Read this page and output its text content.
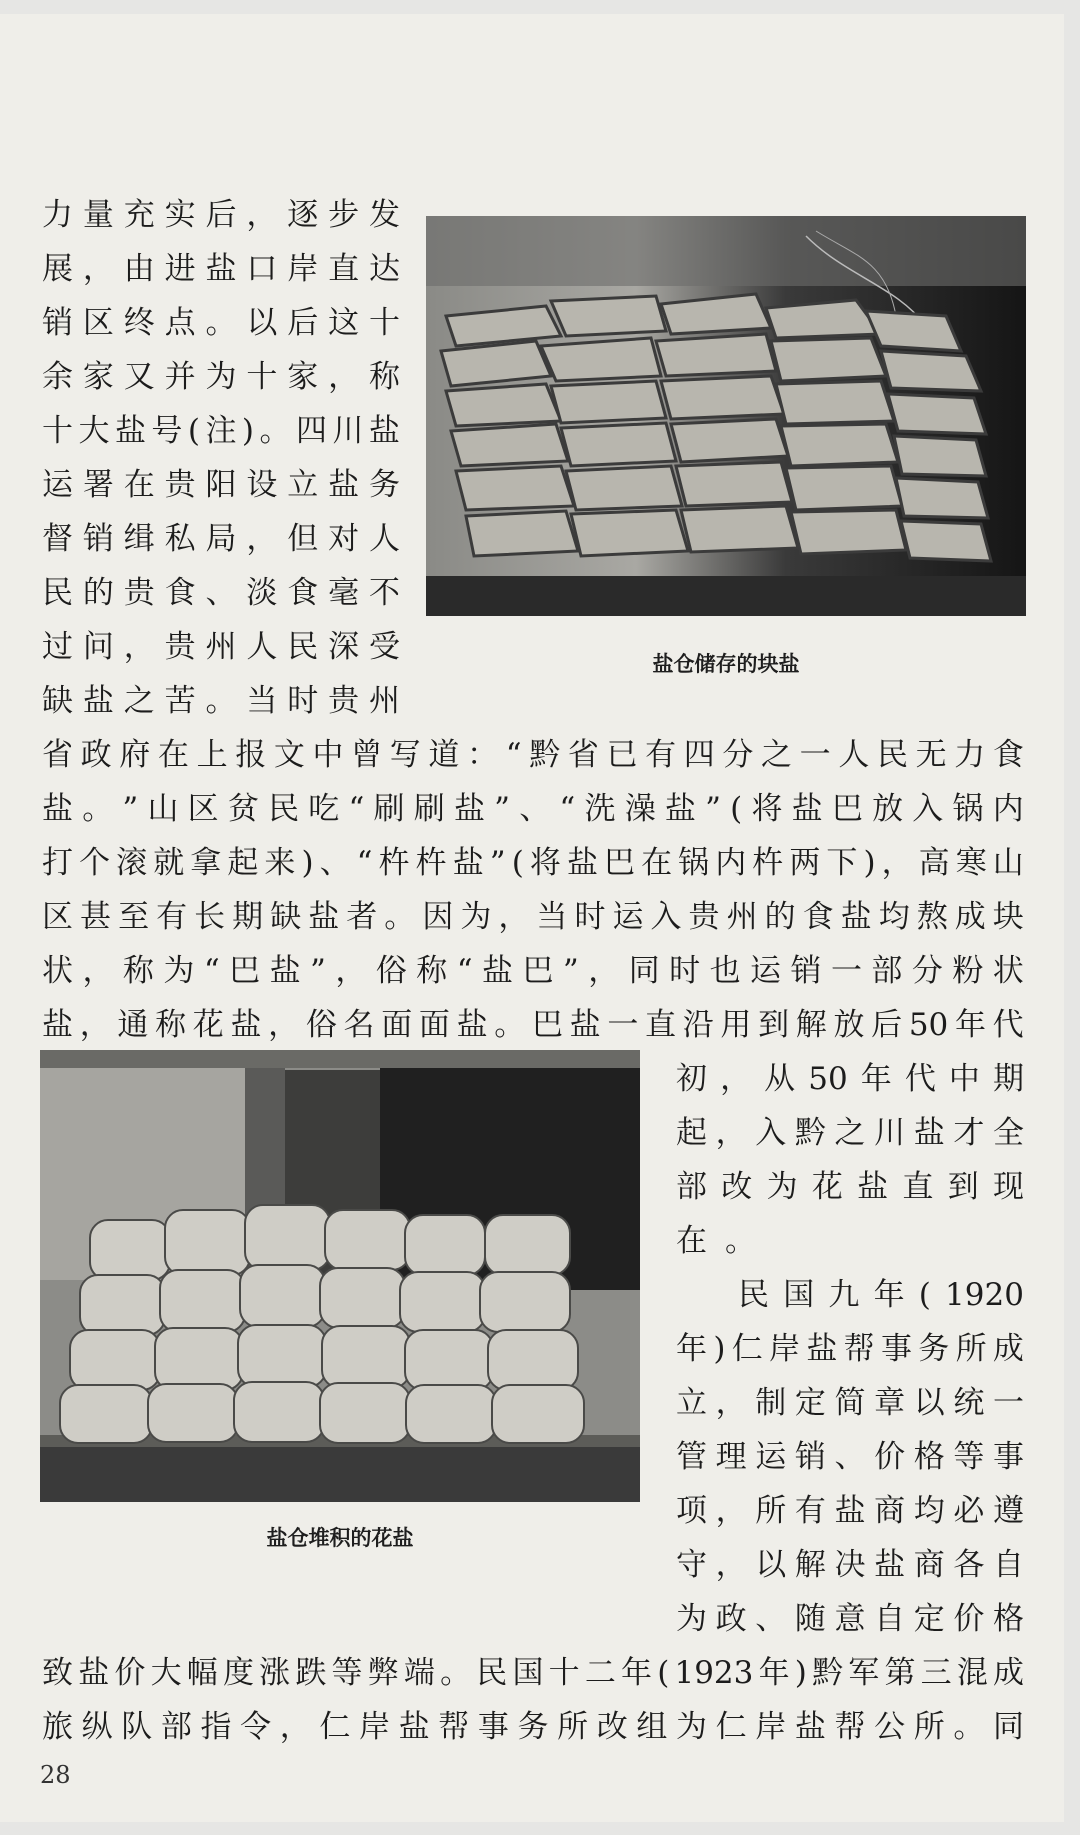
力 量 充 实 后 ， 逐 步 发
展 ， 由 进 盐 口 岸 直 达
销 区 终 点 。 以 后 这 十
余 家 又 并 为 十 家 ， 称
十 大 盐 号 ( 注 ) 。 四 川 盐
运 署 在 贵 阳 设 立 盐 务
督 销 缉 私 局 ， 但 对 人
民 的 贵 食 、 淡 食 毫 不
过 问 ， 贵 州 人 民 深 受
缺 盐 之 苦 。 当 时 贵 州
盐仓储存的块盐
省 政 府 在 上 报 文 中 曾 写 道 ： “ 黔 省 已 有 四 分 之 一 人 民 无 力 食
盐 。 ” 山 区 贫 民 吃 “ 刷 刷 盐 ” 、 “ 洗 澡 盐 ” ( 将 盐 巴 放 入 锅 内
打 个 滚 就 拿 起 来 ) 、 “ 杵 杵 盐 ” ( 将 盐 巴 在 锅 内 杵 两 下 ) ， 高 寒 山
区 甚 至 有 长 期 缺 盐 者 。 因 为 ， 当 时 运 入 贵 州 的 食 盐 均 熬 成 块
状 ， 称 为 “ 巴 盐 ” ， 俗 称 “ 盐 巴 ” ， 同 时 也 运 销 一 部 分 粉 状
盐 ， 通 称 花 盐 ， 俗 名 面 面 盐 。 巴 盐 一 直 沿 用 到 解 放 后 50 年 代
盐仓堆积的花盐
初 ， 从 50 年 代 中 期
起 ， 入 黔 之 川 盐 才 全
部 改 为 花 盐 直 到 现
在 。
民 国 九 年 ( 1920
年 ) 仁 岸 盐 帮 事 务 所 成
立 ， 制 定 简 章 以 统 一
管 理 运 销 、 价 格 等 事
项 ， 所 有 盐 商 均 必 遵
守 ， 以 解 决 盐 商 各 自
为 政 、 随 意 自 定 价 格
致 盐 价 大 幅 度 涨 跌 等 弊 端 。 民 国 十 二 年 ( 1923 年 ) 黔 军 第 三 混 成
旅 纵 队 部 指 令 ， 仁 岸 盐 帮 事 务 所 改 组 为 仁 岸 盐 帮 公 所 。 同
28
